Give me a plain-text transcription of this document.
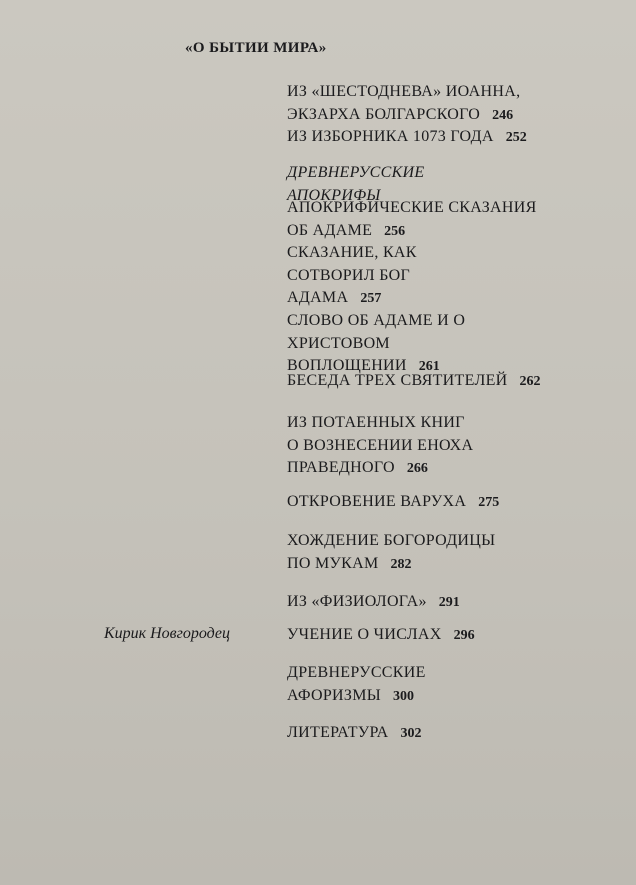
«О БЫТИИ МИРА»
ИЗ «ШЕСТОДНЕВА» ИОАННА,
ЭКЗАРХА БОЛГАРСКОГО 246
ИЗ ИЗБОРНИКА 1073 ГОДА 252
ДРЕВНЕРУССКИЕ
АПОКРИФЫ
АПОКРИФИЧЕСКИЕ СКАЗАНИЯ
ОБ АДАМЕ 256
СКАЗАНИЕ, КАК
СОТВОРИЛ БОГ
АДАМА 257
СЛОВО ОБ АДАМЕ И О
ХРИСТОВОМ
ВОПЛОЩЕНИИ 261
БЕСЕДА ТРЕХ СВЯТИТЕЛЕЙ 262
ИЗ ПОТАЕННЫХ КНИГ
О ВОЗНЕСЕНИИ ЕНОХА
ПРАВЕДНОГО 266
ОТКРОВЕНИЕ ВАРУХА 275
ХОЖДЕНИЕ БОГОРОДИЦЫ
ПО МУКАМ 282
ИЗ «ФИЗИОЛОГА» 291
УЧЕНИЕ О ЧИСЛАХ 296
ДРЕВНЕРУССКИЕ
АФОРИЗМЫ 300
ЛИТЕРАТУРА 302
Кирик Новгородец
